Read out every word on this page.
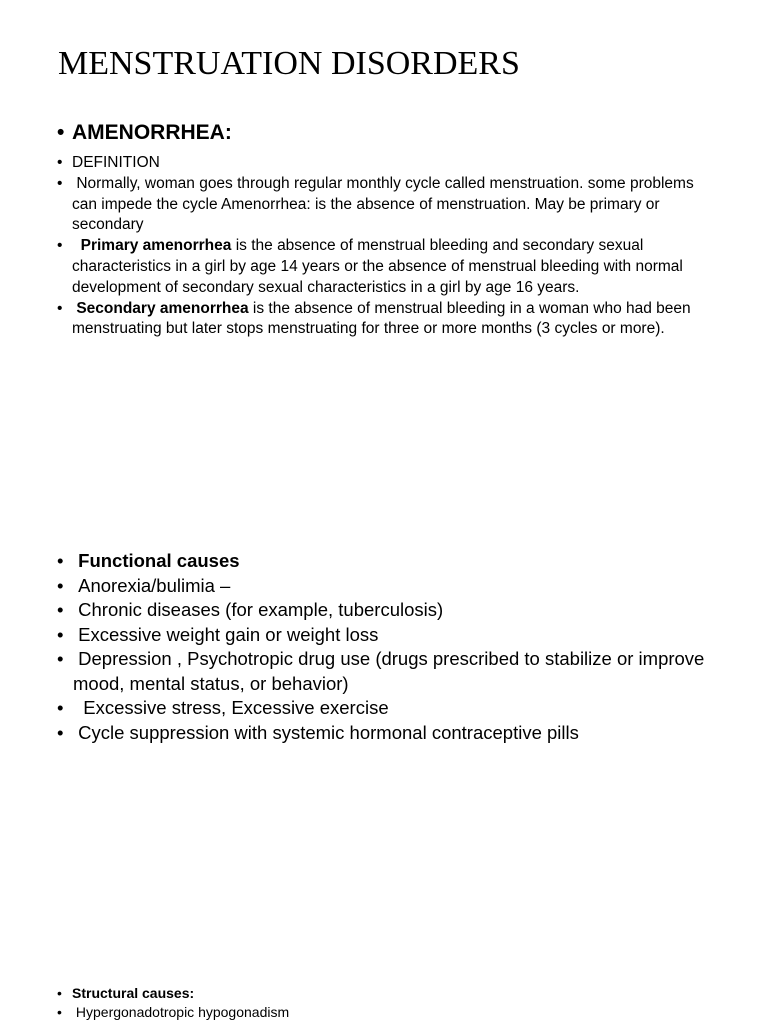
MENSTRUATION DISORDERS
• AMENORRHEA:
• DEFINITION
• Normally, woman goes through regular monthly cycle called menstruation. some problems can impede the cycle Amenorrhea: is the absence of menstruation. May be primary or secondary
• Primary amenorrhea is the absence of menstrual bleeding and secondary sexual characteristics in a girl by age 14 years or the absence of menstrual bleeding with normal development of secondary sexual characteristics in a girl by age 16 years.
• Secondary amenorrhea is the absence of menstrual bleeding in a woman who had been menstruating but later stops menstruating for three or more months (3 cycles or more).
• Functional causes
• Anorexia/bulimia –
• Chronic diseases (for example, tuberculosis)
• Excessive weight gain or weight loss
• Depression , Psychotropic drug use (drugs prescribed to stabilize or improve mood, mental status, or behavior)
• Excessive stress, Excessive exercise
• Cycle suppression with systemic hormonal contraceptive pills
• Structural causes:
• Hypergonadotropic hypogonadism
